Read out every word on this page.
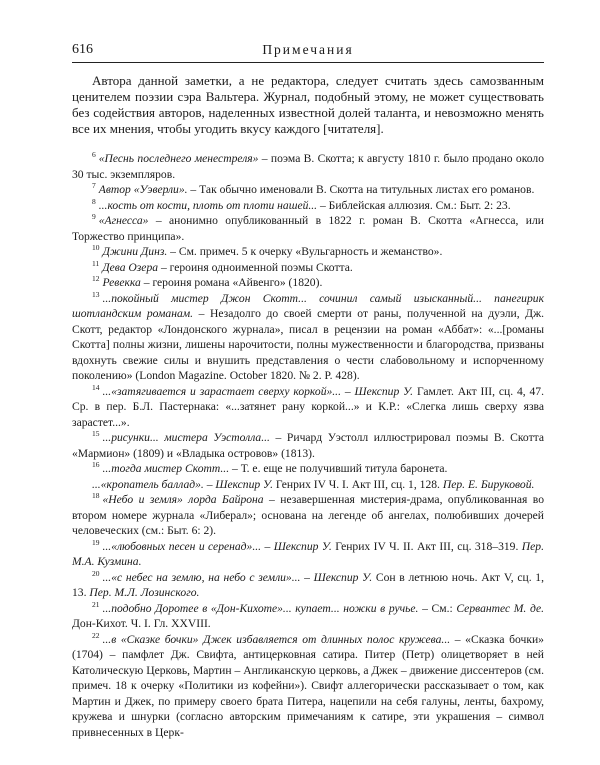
616	Примечания

Автора данной заметки, а не редактора, следует считать здесь самозванным ценителем поэзии сэра Вальтера. Журнал, подобный этому, не может существовать без содействия авторов, наделенных известной долей таланта, и невозможно менять все их мнения, чтобы угодить вкусу каждого [читателя].

$^6$ «Песнь последнего менестреля» – поэма В. Скотта; к августу 1810 г. было продано около 30 тыс. экземпляров.

$^7$ Автор «Уэверли». – Так обычно именовали В. Скотта на титульных листах его романов.

$^8$ ...кость от кости, плоть от плоти нашей... – Библейская аллюзия. См.: Быт. 2: 23.

$^9$ «Агнесса» – анонимно опубликованный в 1822 г. роман В. Скотта «Агнесса, или Торжество принципа».

$^{10}$ Джини Динз. – См. примеч. 5 к очерку «Вульгарность и жеманство».

$^{11}$ Дева Озера – героиня одноименной поэмы Скотта.

$^{12}$ Ревекка – героиня романа «Айвенго» (1820).

$^{13}$ ...покойный мистер Джон Скотт... сочинил самый изысканный... панегирик шотландским романам. – Незадолго до своей смерти от раны, полученной на дуэли, Дж. Скотт, редактор «Лондонского журнала», писал в рецензии на роман «Аббат»: «...[романы Скотта] полны жизни, лишены нарочитости, полны мужественности и благородства, призваны вдохнуть свежие силы и внушить представления о чести слабовольному и испорченному поколению» (London Magazine. October 1820. № 2. P. 428).

$^{14}$ ...«затягивается и зарастает сверху коркой»... – Шекспир У. Гамлет. Акт III, сц. 4, 47. Ср. в пер. Б.Л. Пастернака: «...затянет рану коркой...» и К.Р.: «Слегка лишь сверху язва зарастет...».

$^{15}$ ...рисунки... мистера Уэстолла... – Ричард Уэстолл иллюстрировал поэмы В. Скотта «Мармион» (1809) и «Владыка островов» (1813).

$^{16}$ ...тогда мистер Скотт... – Т. е. еще не получивший титула баронета.

...«кропатель баллад». – Шекспир У. Генрих IV Ч. I. Акт III, сц. 1, 128. Пер. Е. Бируковой.

$^{18}$ «Небо и земля» лорда Байрона – незавершенная мистерия-драма, опубликованная во втором номере журнала «Либерал»; основана на легенде об ангелах, полюбивших дочерей человеческих (см.: Быт. 6: 2).

$^{19}$ ...«любовных песен и серенад»... – Шекспир У. Генрих IV Ч. II. Акт III, сц. 318–319. Пер. М.А. Кузмина.

$^{20}$ ...«с небес на землю, на небо с земли»... – Шекспир У. Сон в летнюю ночь. Акт V, сц. 1, 13. Пер. М.Л. Лозинского.

$^{21}$ ...подобно Доротее в «Дон-Кихоте»... купает... ножки в ручье. – См.: Сервантес М. де. Дон-Кихот. Ч. I. Гл. XXVIII.

$^{22}$ ...в «Сказке бочки» Джек избавляется от длинных полос кружева... – «Сказка бочки» (1704) – памфлет Дж. Свифта, антицерковная сатира. Питер (Петр) олицетворяет в ней Католическую Церковь, Мартин – Англиканскую церковь, а Джек – движение диссентеров (см. примеч. 18 к очерку «Политики из кофейни»). Свифт аллегорически рассказывает о том, как Мартин и Джек, по примеру своего брата Питера, нацепили на себя галуны, ленты, бахрому, кружева и шнурки (согласно авторским примечаниям к сатире, эти украшения – символ привнесенных в Церк-
